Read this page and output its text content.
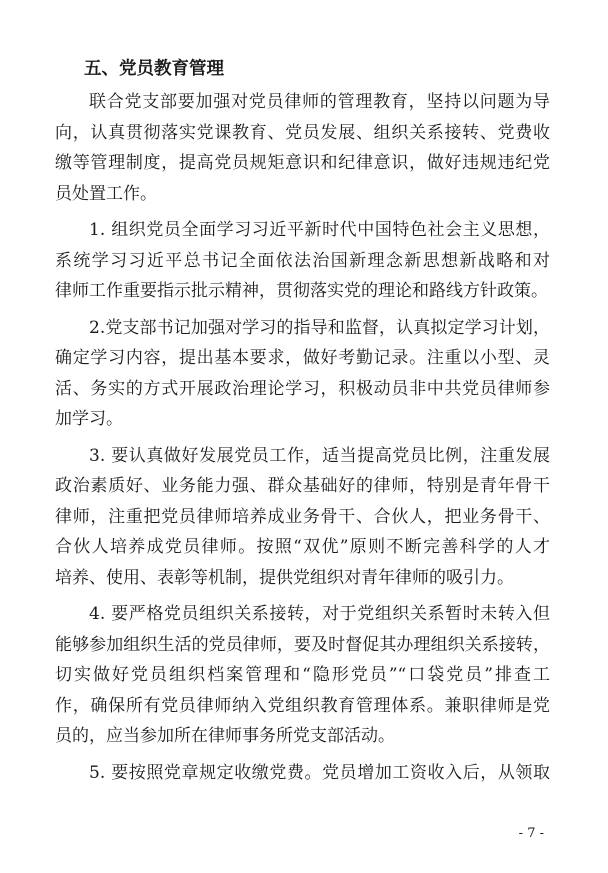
五、党员教育管理

联合党支部要加强对党员律师的管理教育，坚持以问题为导
向，认真贯彻落实党课教育、党员发展、组织关系接转、党费收
缴等管理制度，提高党员规矩意识和纪律意识，做好违规违纪党
员处置工作。

1. 组织党员全面学习习近平新时代中国特色社会主义思想，
系统学习习近平总书记全面依法治国新理念新思想新战略和对
律师工作重要指示批示精神，贯彻落实党的理论和路线方针政策。

2.党支部书记加强对学习的指导和监督，认真拟定学习计划，
确定学习内容，提出基本要求，做好考勤记录。注重以小型、灵
活、务实的方式开展政治理论学习，积极动员非中共党员律师参
加学习。

3. 要认真做好发展党员工作，适当提高党员比例，注重发展
政治素质好、业务能力强、群众基础好的律师，特别是青年骨干
律师，注重把党员律师培养成业务骨干、合伙人，把业务骨干、
合伙人培养成党员律师。按照“双优”原则不断完善科学的人才
培养、使用、表彰等机制，提供党组织对青年律师的吸引力。

4. 要严格党员组织关系接转，对于党组织关系暂时未转入但
能够参加组织生活的党员律师，要及时督促其办理组织关系接转，
切实做好党员组织档案管理和“隐形党员”“口袋党员”排查工
作，确保所有党员律师纳入党组织教育管理体系。兼职律师是党
员的，应当参加所在律师事务所党支部活动。

5. 要按照党章规定收缴党费。党员增加工资收入后，从领取

- 7 -
